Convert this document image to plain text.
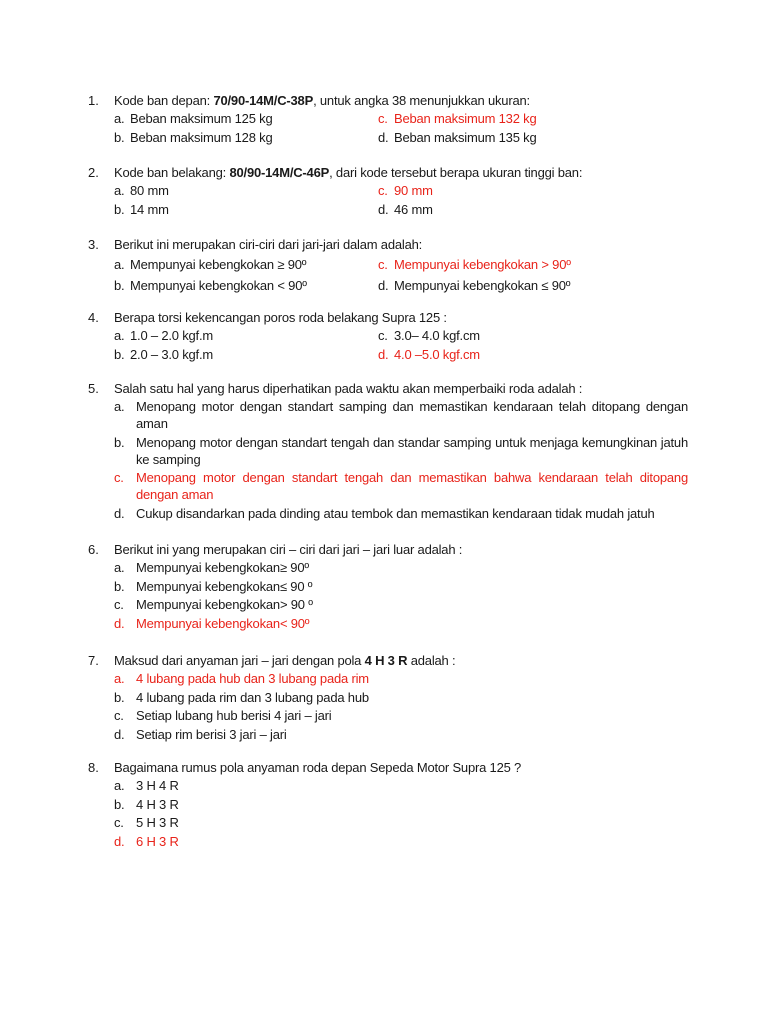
1.	Kode ban depan: 70/90-14M/C-38P, untuk angka 38 menunjukkan ukuran:
a. Beban maksimum 125 kg	c. Beban maksimum 132 kg
b. Beban maksimum 128 kg	d. Beban maksimum 135 kg
2.	Kode ban belakang: 80/90-14M/C-46P, dari kode tersebut berapa ukuran tinggi ban:
a. 80 mm	c. 90 mm
b. 14 mm	d. 46 mm
3.	Berikut ini merupakan ciri-ciri dari jari-jari dalam adalah:
a. Mempunyai kebengkokan ≥ 90º	c. Mempunyai kebengkokan > 90º
b. Mempunyai kebengkokan < 90º	d. Mempunyai kebengkokan ≤ 90º
4.	Berapa torsi kekencangan poros roda belakang Supra 125 :
a. 1.0 – 2.0 kgf.m	c. 3.0– 4.0 kgf.cm
b. 2.0 – 3.0 kgf.m	d. 4.0 –5.0 kgf.cm
5.	Salah satu hal yang harus diperhatikan pada waktu akan memperbaiki roda adalah :
a. Menopang motor dengan standart samping dan memastikan kendaraan telah ditopang dengan aman
b. Menopang motor dengan standart tengah dan standar samping untuk menjaga kemungkinan jatuh ke samping
c. Menopang motor dengan standart tengah dan memastikan bahwa kendaraan telah ditopang dengan aman
d. Cukup disandarkan pada dinding atau tembok dan memastikan kendaraan tidak mudah jatuh
6.	Berikut ini yang merupakan ciri – ciri dari jari – jari luar adalah :
a. Mempunyai kebengkokan≥ 90º
b. Mempunyai kebengkokan≤ 90 º
c. Mempunyai kebengkokan> 90 º
d. Mempunyai kebengkokan< 90º
7.	Maksud dari anyaman jari – jari dengan pola 4 H 3 R adalah :
a. 4 lubang pada hub dan 3 lubang pada rim
b. 4 lubang pada rim dan 3 lubang pada hub
c. Setiap lubang hub berisi 4 jari – jari
d. Setiap rim berisi 3 jari – jari
8.	Bagaimana rumus pola anyaman roda depan Sepeda Motor Supra 125 ?
a. 3 H 4 R
b. 4 H 3 R
c. 5 H 3 R
d. 6 H 3 R
